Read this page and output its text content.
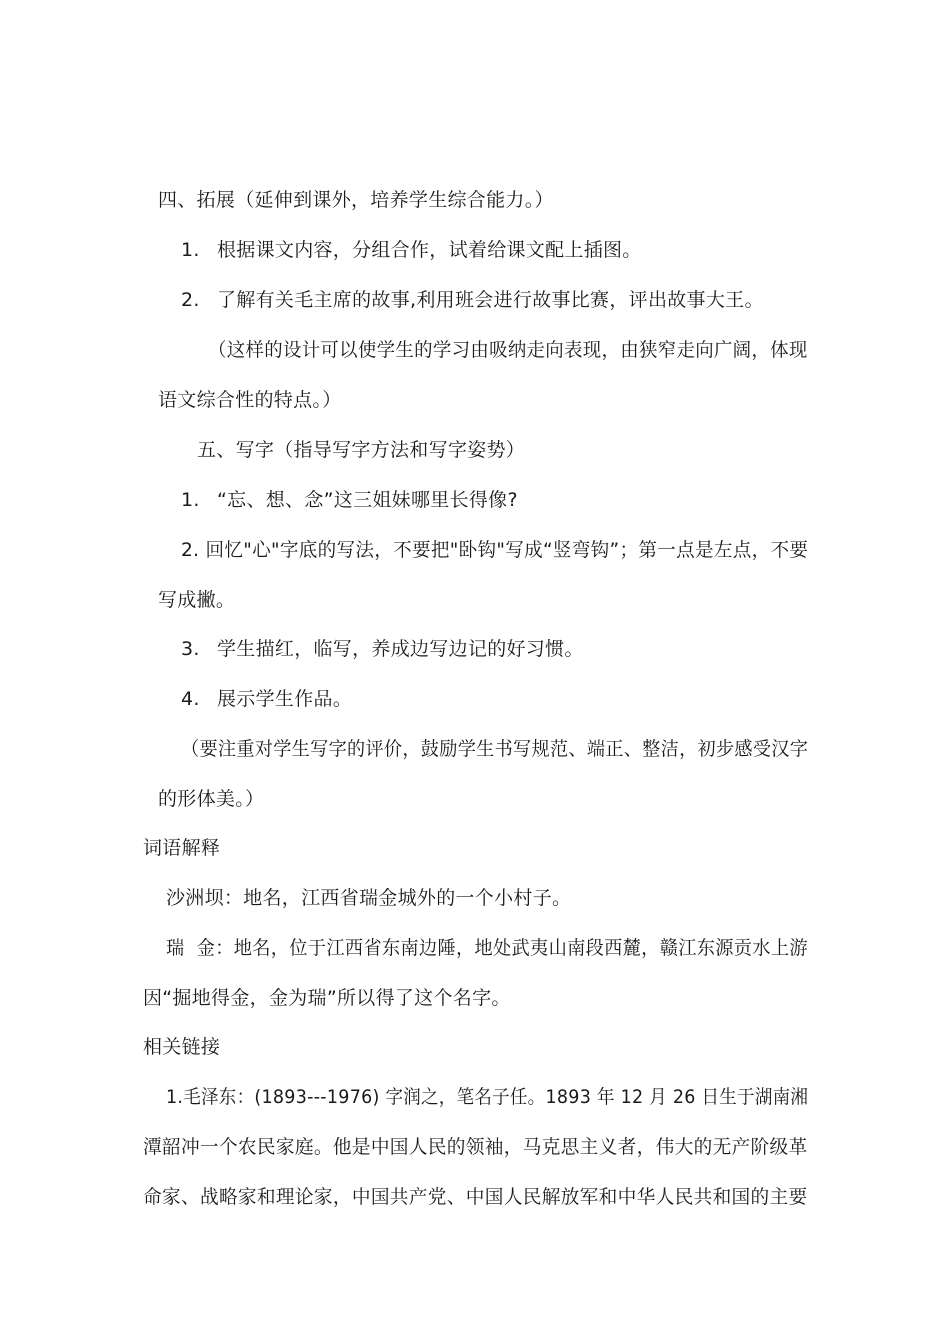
四、拓展（延伸到课外，培养学生综合能力。）
1. 根据课文内容，分组合作，试着给课文配上插图。
2. 了解有关毛主席的故事,利用班会进行故事比赛，评出故事大王。
（这样的设计可以使学生的学习由吸纳走向表现，由狭窄走向广阔，体现
语文综合性的特点。）
五、写字（指导写字方法和写字姿势）
1. “忘、想、念”这三姐妹哪里长得像?
2. 回忆"心"字底的写法，不要把"卧钩"写成“竖弯钩”；第一点是左点，不要
写成撇。
3. 学生描红，临写，养成边写边记的好习惯。
4. 展示学生作品。
（要注重对学生写字的评价，鼓励学生书写规范、端正、整洁，初步感受汉字
的形体美。）
词语解释
沙洲坝：地名，江西省瑞金城外的一个小村子。
瑞  金：地名，位于江西省东南边陲，地处武夷山南段西麓，赣江东源贡水上游
因“掘地得金，金为瑞”所以得了这个名字。
相关链接
1.毛泽东：(1893---1976) 字润之，笔名子任。1893 年 12 月 26 日生于湖南湘
潭韶冲一个农民家庭。他是中国人民的领袖，马克思主义者，伟大的无产阶级革
命家、战略家和理论家，中国共产党、中国人民解放军和中华人民共和国的主要
